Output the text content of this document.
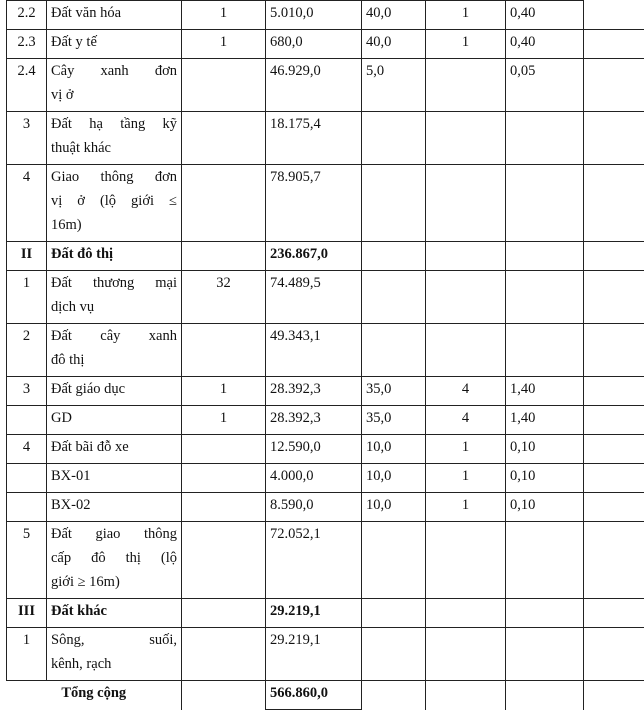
2.2	Đất văn hóa	1	5.010,0	40,0	1	0,40	
2.3	Đất y tế	1	680,0	40,0	1	0,40	
2.4	Cây xanh đơn
vị ở		46.929,0	5,0		0,05	
3	Đất hạ tầng kỹ
thuật khác		18.175,4				
4	Giao thông đơn
vị ở (lộ giới ≤
16m)		78.905,7				
II	Đất đô thị		236.867,0				
1	Đất thương mại
dịch vụ	32	74.489,5				
2	Đất cây xanh
đô thị		49.343,1				
3	Đất giáo dục	1	28.392,3	35,0	4	1,40	

	GD	1	28.392,3	35,0	4	1,40	
4	Đất bãi đỗ xe		12.590,0	10,0	1	0,10	

	BX-01		4.000,0	10,0	1	0,10	

	BX-02		8.590,0	10,0	1	0,10	
5	Đất giao thông
cấp đô thị (lộ
giới ≥ 16m)		72.052,1				
III	Đất khác		29.219,1				
1	Sông, suối,
kênh, rạch		29.219,1				
Tổng cộng			566.860,0				
